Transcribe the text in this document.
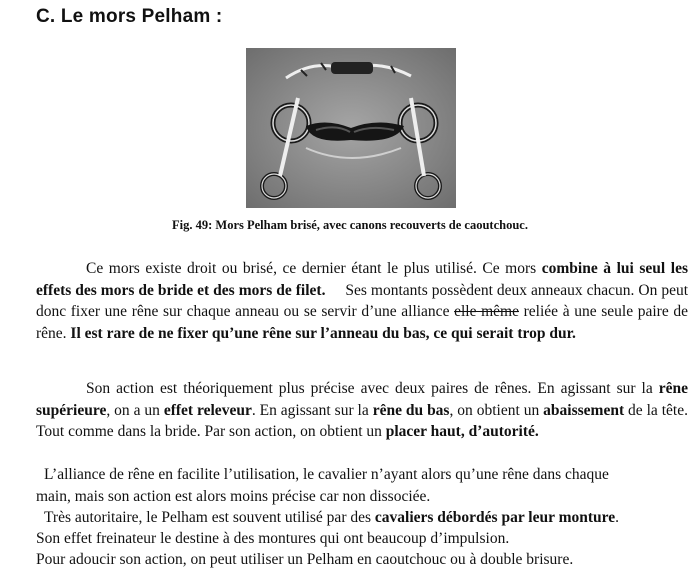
C. Le mors Pelham :
Fig. 49: Mors Pelham brisé, avec canons recouverts de caoutchouc.

Ce mors existe droit ou brisé, ce dernier étant le plus utilisé. Ce mors combine à lui seul les effets des mors de bride et des mors de filet.     Ses montants possèdent deux anneaux chacun. On peut donc fixer une rêne sur chaque anneau ou se servir d’une alliance elle même reliée à une seule paire de rêne. Il est rare de ne fixer qu’une rêne sur l’anneau du bas, ce qui serait trop dur.

Son action est théoriquement plus précise avec deux paires de rênes. En agissant sur la rêne supérieure, on a un effet releveur. En agissant sur la rêne du bas, on obtient un abaissement de la tête. Tout comme dans la bride. Par son action, on obtient un placer haut, d’autorité.

L’alliance de rêne en facilite l’utilisation, le cavalier n’ayant alors qu’une rêne dans chaque
main, mais son action est alors moins précise car non dissociée.
Très autoritaire, le Pelham est souvent utilisé par des cavaliers débordés par leur monture.
Son effet freinateur le destine à des montures qui ont beaucoup d’impulsion.
Pour adoucir son action, on peut utiliser un Pelham en caoutchouc ou à double brisure.
